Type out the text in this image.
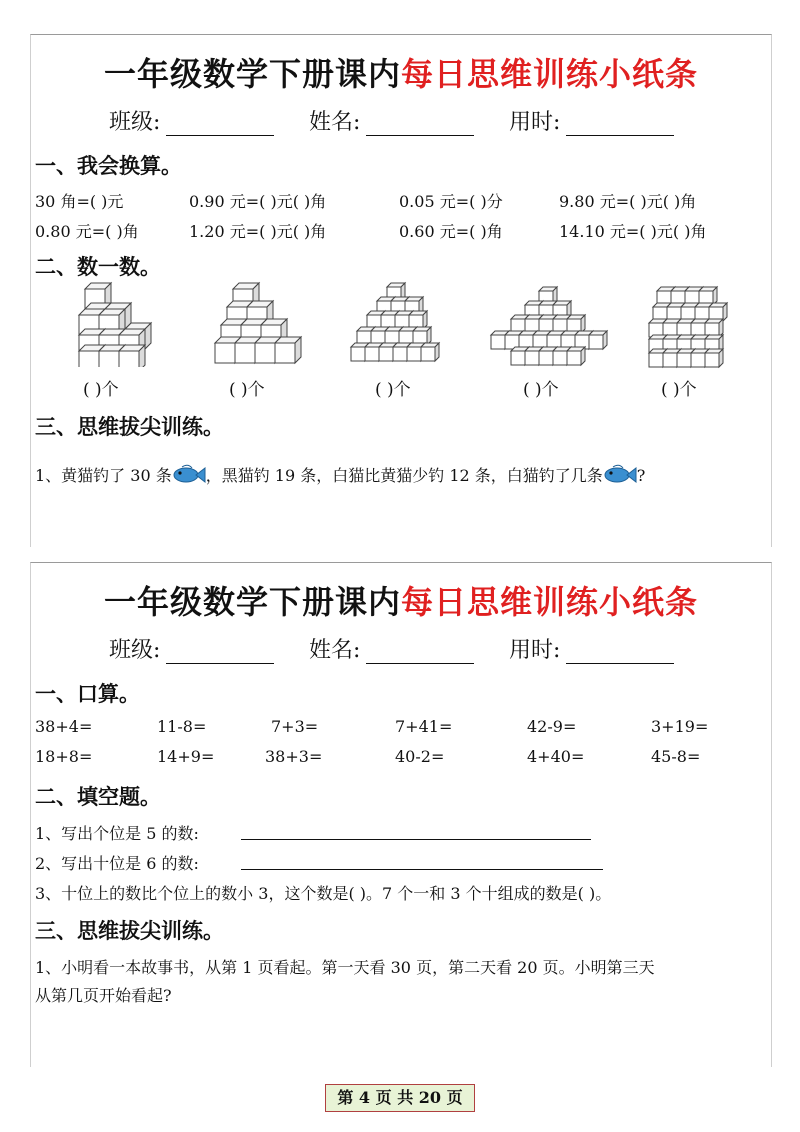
一年级数学下册课内每日思维训练小纸条
班级:	姓名:	用时:
一、我会换算。
30 角=( )元	0.90 元=( )元( )角	0.05 元=( )分	9.80 元=( )元( )角
0.80 元=( )角	1.20 元=( )元( )角	0.60 元=( )角	14.10 元=( )元( )角
二、数一数。
( )个	( )个	( )个	( )个	( )个
三、思维拔尖训练。
1、黄猫钓了 30 条 ，黑猫钓 19 条，白猫比黄猫少钓 12 条，白猫钓了几条 ?
一年级数学下册课内每日思维训练小纸条
班级:	姓名:	用时:
一、口算。
38+4=	11-8=	7+3=	7+41=	42-9=	3+19=
18+8=	14+9=	38+3=	40-2=	4+40=	45-8=
二、填空题。
1、写出个位是 5 的数:
2、写出十位是 6 的数:
3、十位上的数比个位上的数小 3，这个数是( )。7 个一和 3 个十组成的数是( )。
三、思维拔尖训练。
1、小明看一本故事书，从第 1 页看起。第一天看 30 页，第二天看 20 页。小明第三天
从第几页开始看起?
第 4 页 共 20 页
